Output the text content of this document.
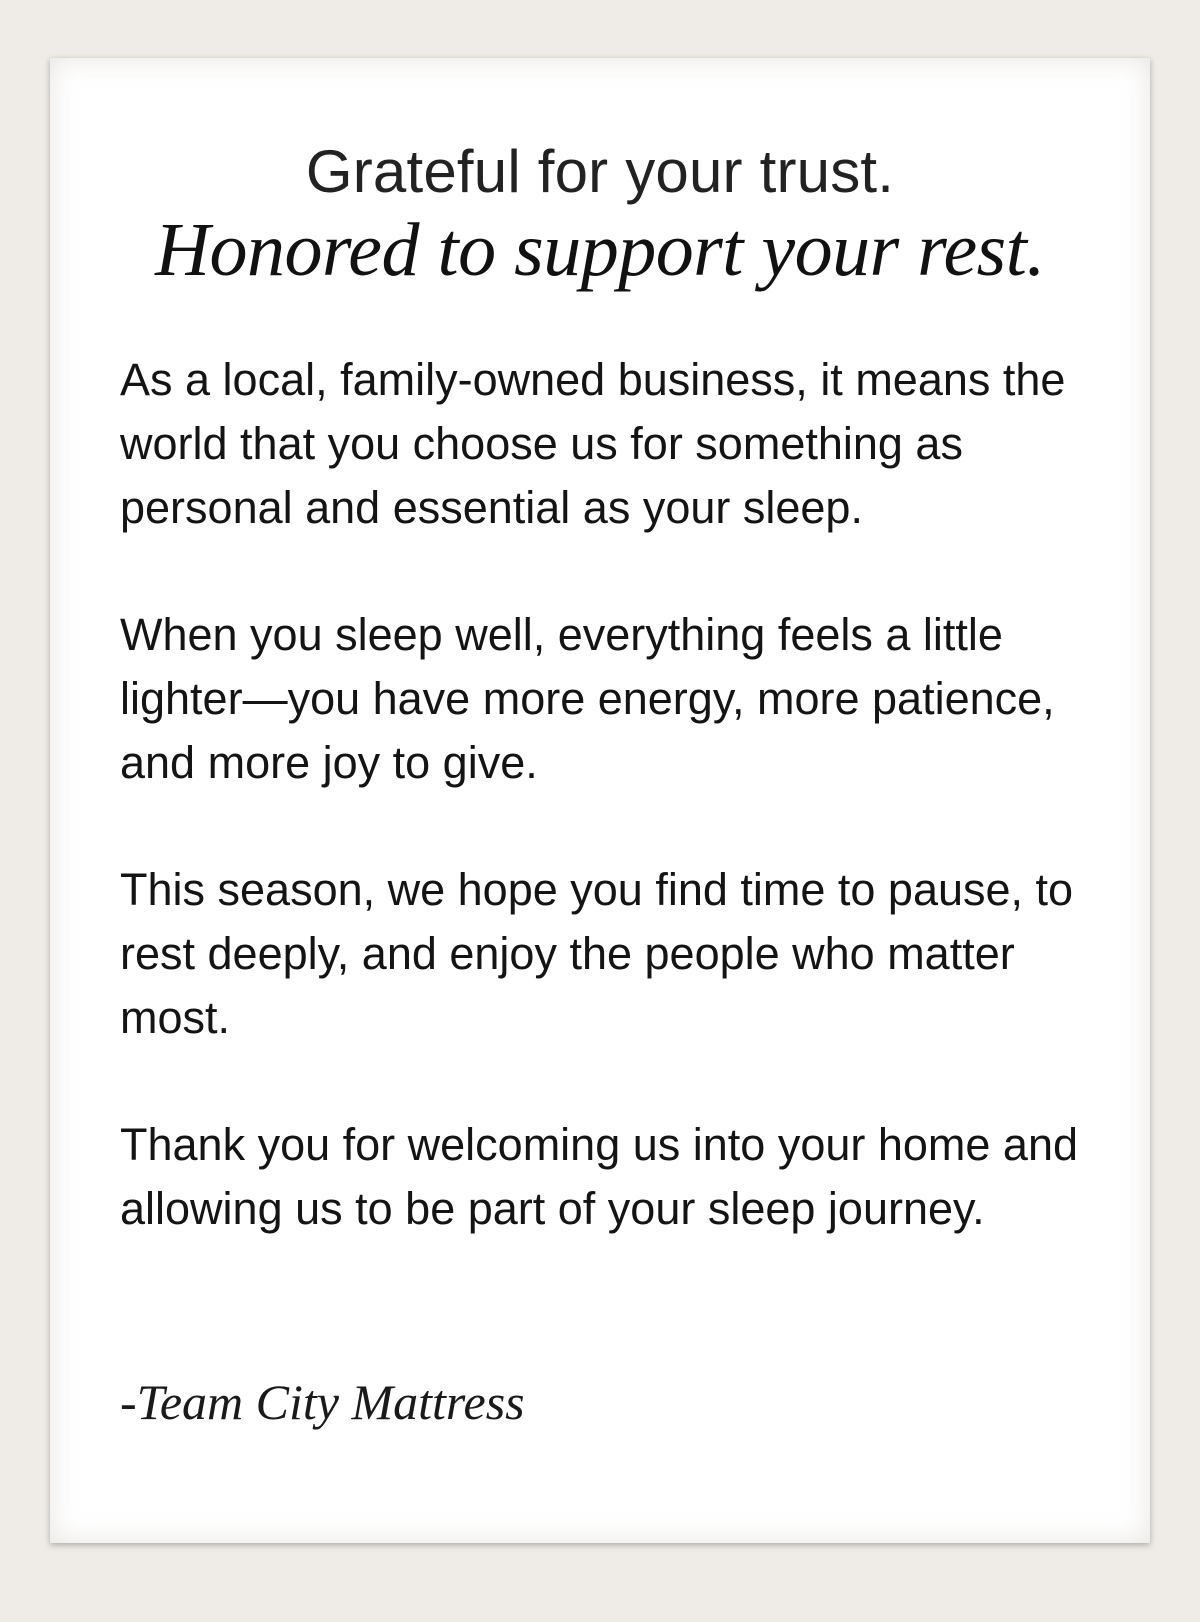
Grateful for your trust.
Honored to support your rest.

As a local, family-owned business, it means the world that you choose us for something as personal and essential as your sleep.

When you sleep well, everything feels a little lighter—you have more energy, more patience, and more joy to give.

This season, we hope you find time to pause, to rest deeply, and enjoy the people who matter most.

Thank you for welcoming us into your home and allowing us to be part of your sleep journey.

-Team City Mattress
